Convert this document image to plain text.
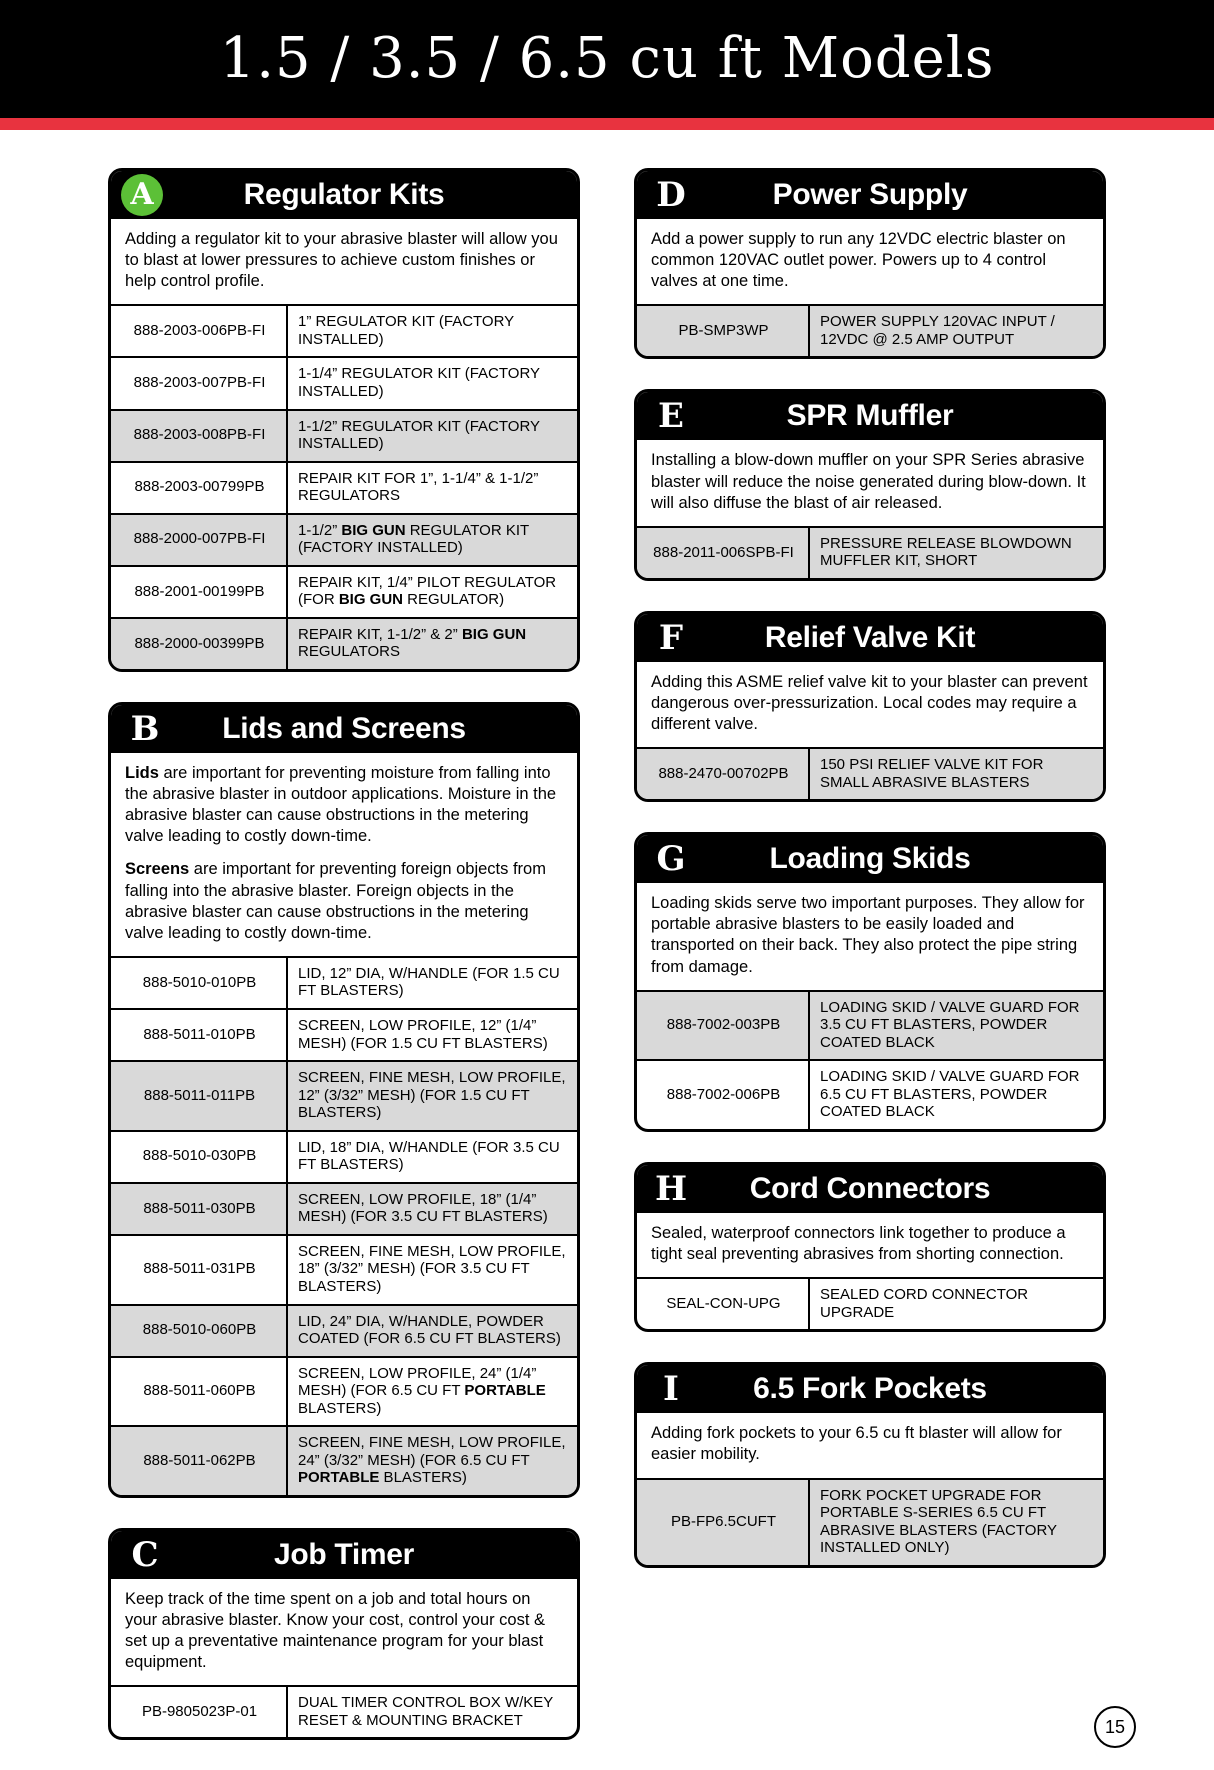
1.5 / 3.5 / 6.5 cu ft Models
A	Regulator Kits
Adding a regulator kit to your abrasive blaster will allow you to blast at lower pressures to achieve custom finishes or help control profile.
888-2003-006PB-FI	1” REGULATOR KIT (FACTORY INSTALLED)
888-2003-007PB-FI	1-1/4” REGULATOR KIT (FACTORY INSTALLED)
888-2003-008PB-FI	1-1/2” REGULATOR KIT (FACTORY INSTALLED)
888-2003-00799PB	REPAIR KIT FOR 1”, 1-1/4” & 1-1/2” REGULATORS
888-2000-007PB-FI	1-1/2” BIG GUN REGULATOR KIT (FACTORY INSTALLED)
888-2001-00199PB	REPAIR KIT, 1/4” PILOT REGULATOR (FOR BIG GUN REGULATOR)
888-2000-00399PB	REPAIR KIT, 1-1/2” & 2” BIG GUN REGULATORS
B	Lids and Screens

Lids are important for preventing moisture from falling into the abrasive blaster in outdoor applications. Moisture in the abrasive blaster can cause obstructions in the metering valve leading to costly down-time.

Screens are important for preventing foreign objects from falling into the abrasive blaster. Foreign objects in the abrasive blaster can cause obstructions in the metering valve leading to costly down-time.

888-5010-010PB	LID, 12” DIA, W/HANDLE (FOR 1.5 CU FT BLASTERS)
888-5011-010PB	SCREEN, LOW PROFILE, 12” (1/4” MESH) (FOR 1.5 CU FT BLASTERS)
888-5011-011PB	SCREEN, FINE MESH, LOW PROFILE, 12” (3/32” MESH) (FOR 1.5 CU FT BLASTERS)
888-5010-030PB	LID, 18” DIA, W/HANDLE (FOR 3.5 CU FT BLASTERS)
888-5011-030PB	SCREEN, LOW PROFILE, 18” (1/4” MESH) (FOR 3.5 CU FT BLASTERS)
888-5011-031PB	SCREEN, FINE MESH, LOW PROFILE, 18” (3/32” MESH) (FOR 3.5 CU FT BLASTERS)
888-5010-060PB	LID, 24” DIA, W/HANDLE, POWDER COATED (FOR 6.5 CU FT BLASTERS)
888-5011-060PB	SCREEN, LOW PROFILE, 24” (1/4” MESH) (FOR 6.5 CU FT PORTABLE BLASTERS)
888-5011-062PB	SCREEN, FINE MESH, LOW PROFILE, 24” (3/32” MESH) (FOR 6.5 CU FT PORTABLE BLASTERS)
C	Job Timer
Keep track of the time spent on a job and total hours on your abrasive blaster. Know your cost, control your cost & set up a preventative maintenance program for your blast equipment.
PB-9805023P-01	DUAL TIMER CONTROL BOX W/KEY RESET & MOUNTING BRACKET
D	Power Supply
Add a power supply to run any 12VDC electric blaster on common 120VAC outlet power. Powers up to 4 control valves at one time.
PB-SMP3WP	POWER SUPPLY 120VAC INPUT / 12VDC @ 2.5 AMP OUTPUT
E	SPR Muffler
Installing a blow-down muffler on your SPR Series abrasive blaster will reduce the noise generated during blow-down. It will also diffuse the blast of air released.
888-2011-006SPB-FI	PRESSURE RELEASE BLOWDOWN MUFFLER KIT, SHORT
F	Relief Valve Kit
Adding this ASME relief valve kit to your blaster can prevent dangerous over-pressurization. Local codes may require a different valve.
888-2470-00702PB	150 PSI RELIEF VALVE KIT FOR SMALL ABRASIVE BLASTERS
G	Loading Skids
Loading skids serve two important purposes. They allow for portable abrasive blasters to be easily loaded and transported on their back. They also protect the pipe string from damage.
888-7002-003PB	LOADING SKID / VALVE GUARD FOR 3.5 CU FT BLASTERS, POWDER COATED BLACK
888-7002-006PB	LOADING SKID / VALVE GUARD FOR 6.5 CU FT BLASTERS, POWDER COATED BLACK
H	Cord Connectors
Sealed, waterproof connectors link together to produce a tight seal preventing abrasives from shorting connection.
SEAL-CON-UPG	SEALED CORD CONNECTOR UPGRADE
I	6.5 Fork Pockets
Adding fork pockets to your 6.5 cu ft blaster will allow for easier mobility.
PB-FP6.5CUFT	FORK POCKET UPGRADE FOR PORTABLE S-SERIES 6.5 CU FT ABRASIVE BLASTERS (FACTORY INSTALLED ONLY)
15
